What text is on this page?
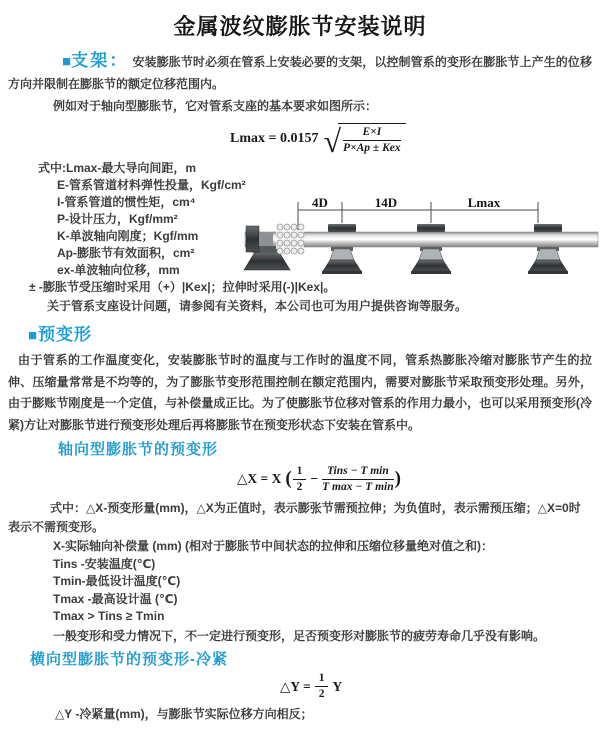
金属波纹膨胀节安装说明

■支架： 安装膨胀节时必须在管系上安装必要的支架，以控制管系的变形在膨胀节上产生的位移方向并限制在膨胀节的额定位移范围内。

例如对于轴向型膨胀节，它对管系支座的基本要求如图所示：

Lmax = 0.0157 √	E×I
P×Ap ± Kex
式中:Lmax-最大导向间距，m
E-管系管道材料弹性投量，Kgf/cm²
I-管系管道的惯性矩，cm⁴
P-设计压力，Kgf/mm²
K-单波轴向刚度；Kgf/mm
Ap-膨胀节有效面积，cm²
ex-单波轴向位移，mm
± -膨胀节受压缩时采用（+）|Kex|；拉伸时采用(-)|Kex|。
关于管系支座设计问题，请参阅有关资料，本公司也可为用户提供咨询等服务。
4D	14D	Lmax
■预变形

由于管系的工作温度变化，安装膨胀节时的温度与工作时的温度不同，管系热膨胀冷缩对膨胀节产生的拉伸、压缩量常常是不均等的，为了膨胀节变形范围控制在额定范围内，需要对膨胀节采取预变形处理。另外，由于膨账节刚度是一个定值，与补偿量成正比。为了使膨胀节位移对管系的作用力最小，也可以采用预变形(冷紧)方让对膨胀节进行预变形处理后再将膨胀节在预变形状态下安装在管系中。

轴向型膨胀节的预变形
△X = X ( $\frac{1}{2} - \frac{\text{Tins − T min}}{\text{T max − T min}}$ )

式中：△X-预变形量(mm)，△X为正值时，表示膨张节需预拉伸；为负值时，表示需预压缩；△X=0时表示不需预变形。

X-实际轴向补偿量 (mm) (相对于膨胀节中间状态的拉伸和压缩位移量绝对值之和)：
Tins -安装温度(℃)
Tmin-最低设计温度(℃)
Tmax -最高设计温 (℃)
Tmax > Tins ≥ Tmin

一般变形和受力情况下，不一定进行预变形，足否预变形对膨胀节的疲劳寿命几乎没有影响。

横向型膨胀节的预变形-冷紧
△Y = $\frac{1}{2}$ Y
△Y -冷紧量(mm)，与膨胀节实际位移方向相反；
